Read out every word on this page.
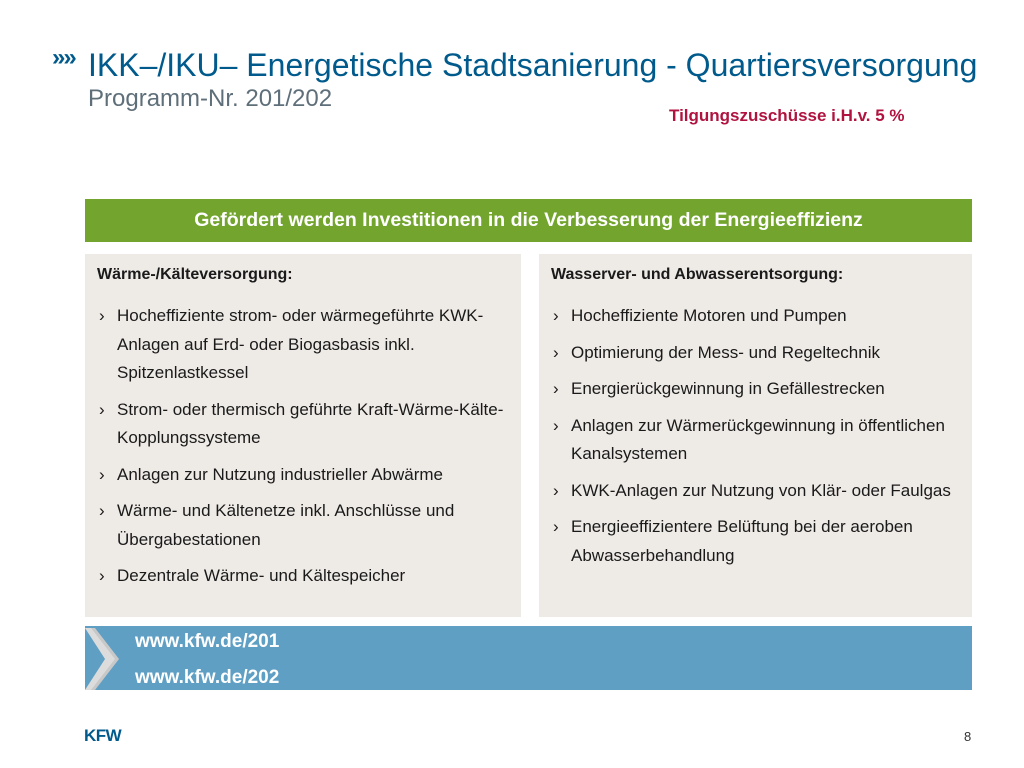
»» IKK–/IKU– Energetische Stadtsanierung - Quartiersversorgung
Programm-Nr. 201/202
Tilgungszuschüsse i.H.v. 5 %
Gefördert werden Investitionen in die Verbesserung der Energieeffizienz
Wärme-/Kälteversorgung:
› Hocheffiziente strom- oder wärmegeführte KWK-Anlagen auf Erd- oder Biogasbasis inkl. Spitzenlastkessel
› Strom- oder thermisch geführte Kraft-Wärme-Kälte-Kopplungssysteme
› Anlagen zur Nutzung industrieller Abwärme
› Wärme- und Kältenetze inkl. Anschlüsse und Übergabestationen
› Dezentrale Wärme- und Kältespeicher
Wasserver- und Abwasserentsorgung:
› Hocheffiziente Motoren und Pumpen
› Optimierung der Mess- und Regeltechnik
› Energierückgewinnung in Gefällestrecken
› Anlagen zur Wärmerückgewinnung in öffentlichen Kanalsystemen
› KWK-Anlagen zur Nutzung von Klär- oder Faulgas
› Energieeffizientere Belüftung bei der aeroben Abwasserbehandlung
www.kfw.de/201
www.kfw.de/202
KFW	8
